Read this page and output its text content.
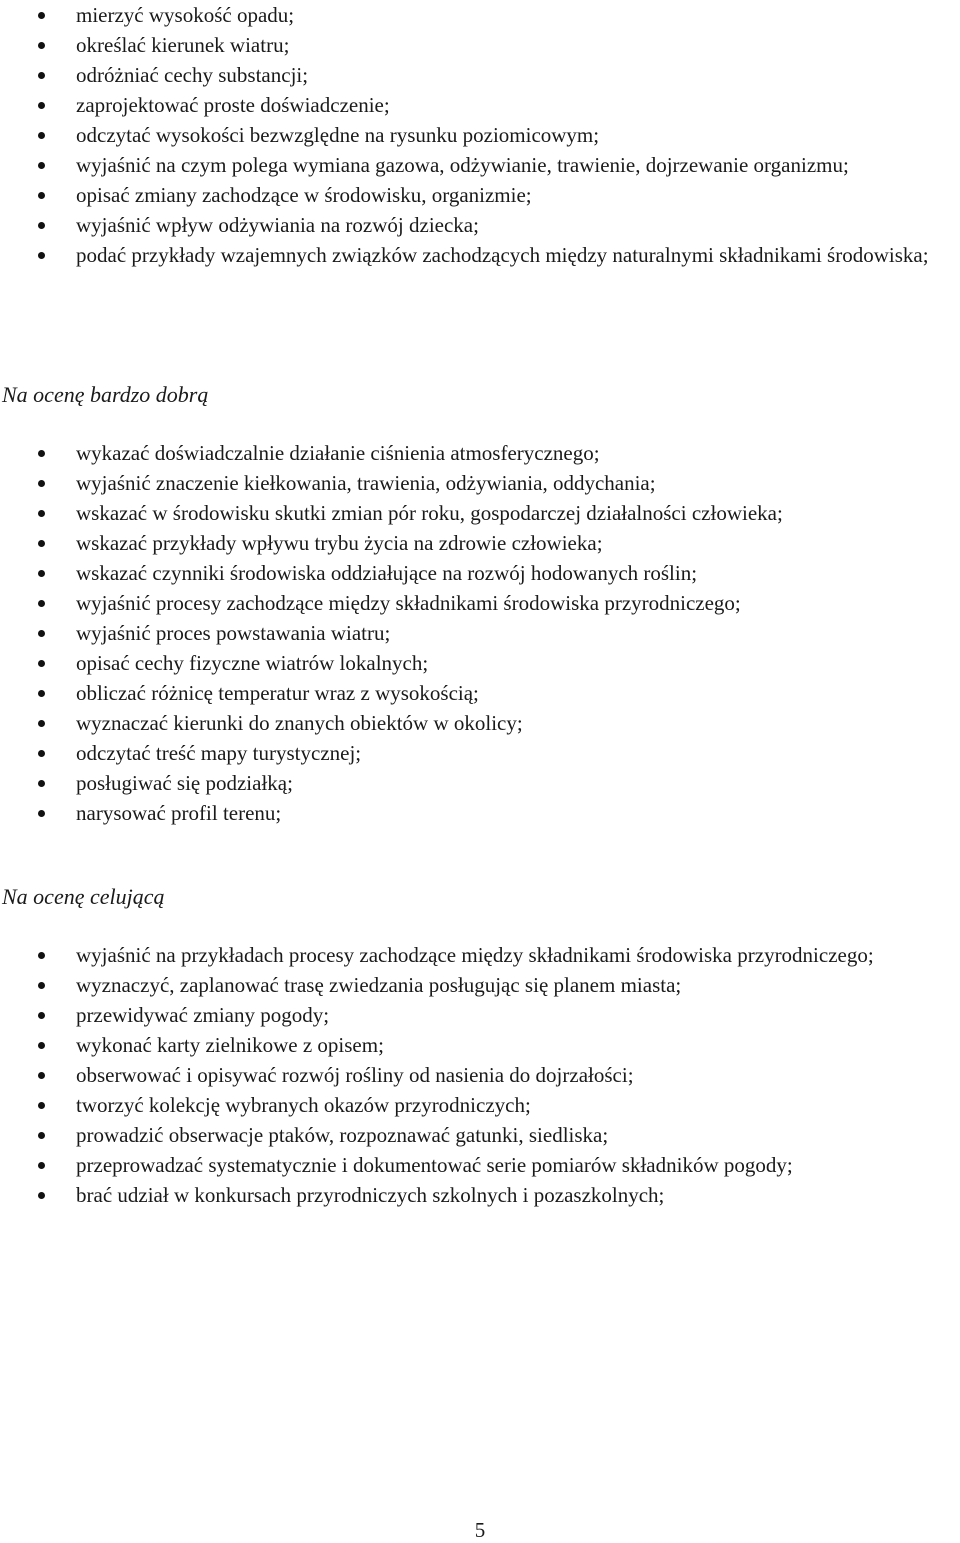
mierzyć wysokość opadu;
określać kierunek wiatru;
odróżniać cechy substancji;
zaprojektować proste doświadczenie;
odczytać wysokości bezwzględne na rysunku poziomicowym;
wyjaśnić na czym polega wymiana gazowa, odżywianie, trawienie, dojrzewanie organizmu;
opisać zmiany zachodzące w środowisku, organizmie;
wyjaśnić wpływ odżywiania na rozwój dziecka;
podać przykłady wzajemnych związków zachodzących między naturalnymi składnikami środowiska;
Na ocenę bardzo dobrą
wykazać doświadczalnie działanie ciśnienia atmosferycznego;
wyjaśnić znaczenie kiełkowania, trawienia, odżywiania, oddychania;
wskazać w środowisku skutki zmian pór roku, gospodarczej działalności człowieka;
wskazać przykłady wpływu trybu życia na zdrowie człowieka;
wskazać czynniki środowiska oddziałujące na rozwój hodowanych roślin;
wyjaśnić procesy zachodzące między składnikami środowiska przyrodniczego;
wyjaśnić proces powstawania wiatru;
opisać cechy fizyczne wiatrów lokalnych;
obliczać różnicę temperatur wraz z wysokością;
wyznaczać kierunki do znanych obiektów w okolicy;
odczytać treść mapy turystycznej;
posługiwać się podziałką;
narysować profil terenu;
Na ocenę celującą
wyjaśnić na przykładach procesy zachodzące między składnikami środowiska przyrodniczego;
wyznaczyć, zaplanować trasę zwiedzania posługując się planem miasta;
przewidywać zmiany pogody;
wykonać karty zielnikowe z opisem;
obserwować i opisywać rozwój rośliny od nasienia do dojrzałości;
tworzyć kolekcję wybranych okazów przyrodniczych;
prowadzić obserwacje ptaków, rozpoznawać gatunki, siedliska;
przeprowadzać systematycznie i dokumentować serie pomiarów składników pogody;
brać udział w konkursach przyrodniczych szkolnych i pozaszkolnych;
5
